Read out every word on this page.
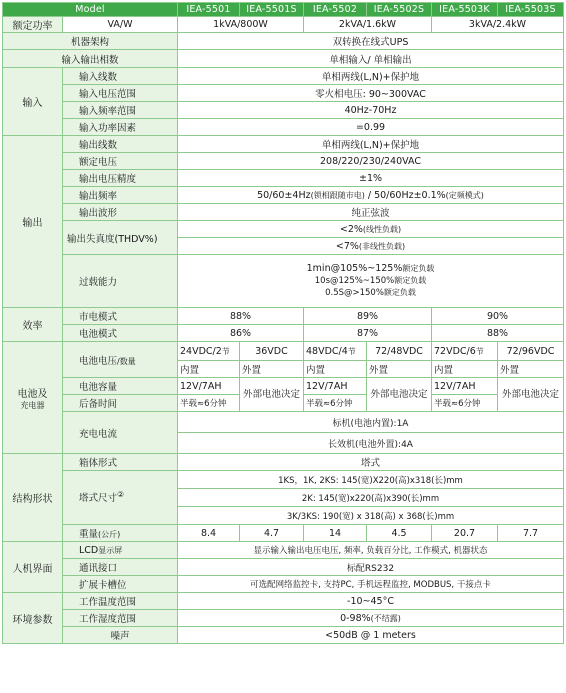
Model		IEA-5501	IEA-5501S	IEA-5502	IEA-5502S	IEA-5503K	IEA-5503S
额定功率	VA/W	1kVA/800W		2kVA/1.6kW		3kVA/2.4kW	
机器架构		双转换在线式UPS					
输入输出相数		单相输入/ 单相输出					
输入	输入线数	单相两线(L,N)+保护地					
	输入电压范围	零火相电压: 90~300VAC					
	输入频率范围	40Hz-70Hz					
	输入功率因素	=0.99					
输出	输出线数	单相两线(L,N)+保护地					
	额定电压	208/220/230/240VAC					
	输出电压精度	±1%					
	输出频率	50/60±4Hz(锁相跟随市电) / 50/60Hz±0.1%(定频模式)					
	输出波形	纯正弦波					
	输出失真度(THDV%)	<2%(线性负载)					
		<7%(非线性负载)					
	过载能力	1min@105%~125%额定负载
10s@125%~150%额定负载
0.5S@>150%额定负载					

效率	市电模式	88%		89%		90%	
	电池模式	86%		87%		88%	

电池及
充电器	电池电压/数量	24VDC/2节	36VDC	48VDC/4节	72/48VDC	72VDC/6节	72/96VDC
		内置	外置	内置	外置	内置	外置
	电池容量	12V/7AH	外部电池决定	12V/7AH	外部电池决定	12V/7AH	外部电池决定
	后备时间	半载≈6分钟		半载≈6分钟		半载≈6分钟	
	充电电流	标机(电池内置):1A					
		长效机(电池外置):4A					
结构形状	箱体形式	塔式					
	塔式尺寸②	1KS，1K, 2KS: 145(宽)X220(高)x318(长)mm					
		2K: 145(宽)x220(高)x390(长)mm					
		3K/3KS: 190(宽) x 318(高) x 368(长)mm					
	重量(公斤)	8.4	4.7	14	4.5	20.7	7.7
人机界面	LCD显示屏	显示输入输出电压电压, 频率, 负载百分比, 工作模式, 机器状态					
	通讯接口	标配RS232					
	扩展卡槽位	可选配网络监控卡, 支持PC, 手机远程监控, MODBUS, 干接点卡					
环境参数	工作温度范围	-10~45°C					
	工作湿度范围	0-98%(不结露)					
	噪声	<50dB @ 1 meters					
